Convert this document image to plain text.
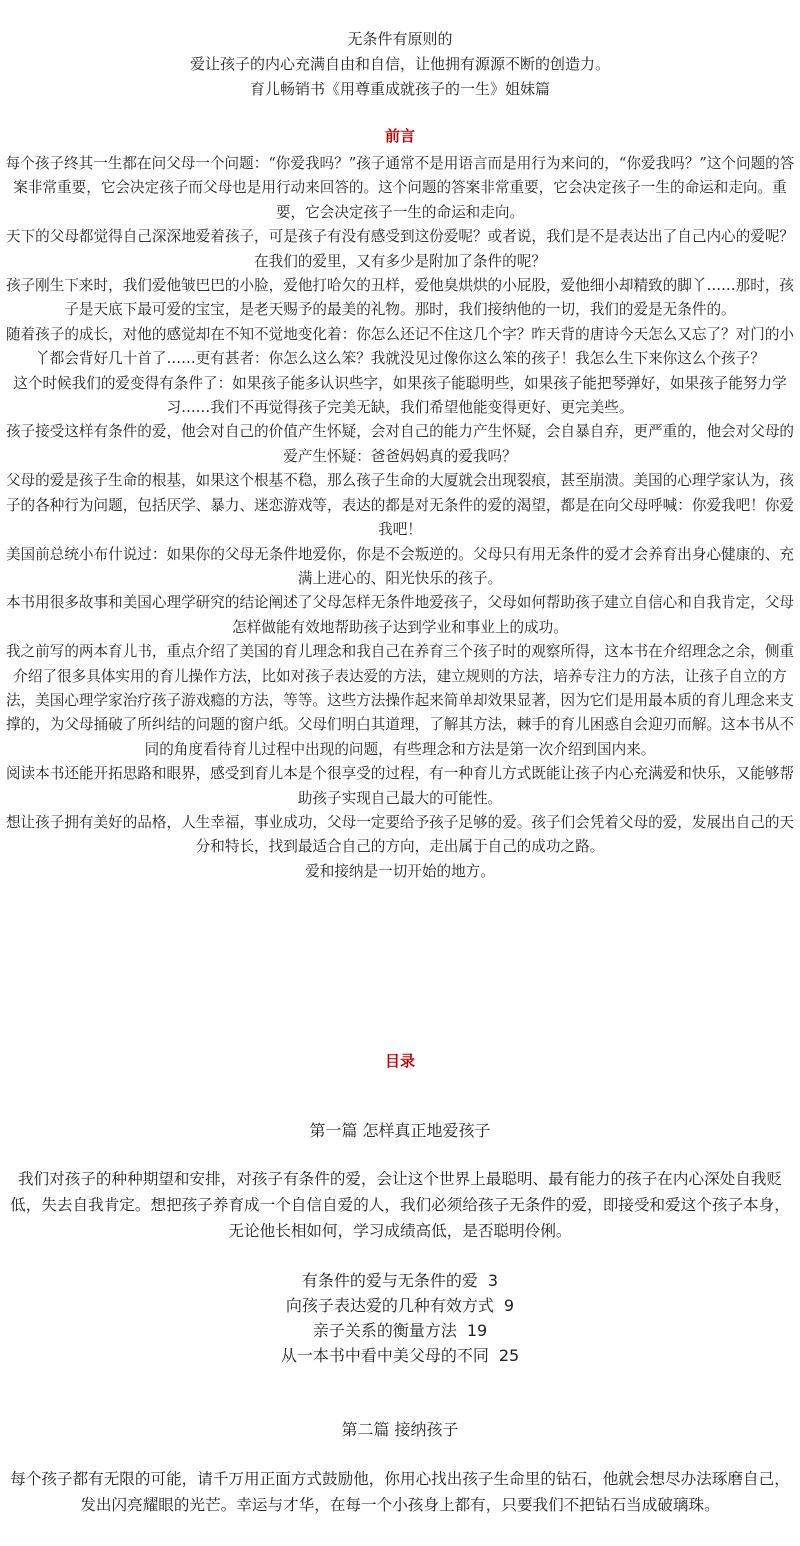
无条件有原则的
爱让孩子的内心充满自由和自信，让他拥有源源不断的创造力。
育儿畅销书《用尊重成就孩子的一生》姐妹篇
前言

每个孩子终其一生都在问父母一个问题：“你爱我吗？”孩子通常不是用语言而是用行为来问的，“你爱我吗？”这个问题的答案非常重要，它会决定孩子而父母也是用行动来回答的。这个问题的答案非常重要，它会决定孩子一生的命运和走向。重要，它会决定孩子一生的命运和走向。

天下的父母都觉得自己深深地爱着孩子，可是孩子有没有感受到这份爱呢？或者说，我们是不是表达出了自己内心的爱呢？

在我们的爱里，又有多少是附加了条件的呢？

孩子刚生下来时，我们爱他皱巴巴的小脸，爱他打哈欠的丑样，爱他臭烘烘的小屁股，爱他细小却精致的脚丫……那时，孩子是天底下最可爱的宝宝，是老天赐予的最美的礼物。那时，我们接纳他的一切，我们的爱是无条件的。

随着孩子的成长，对他的感觉却在不知不觉地变化着：你怎么还记不住这几个字？昨天背的唐诗今天怎么又忘了？对门的小丫都会背好几十首了……更有甚者：你怎么这么笨？我就没见过像你这么笨的孩子！我怎么生下来你这么个孩子？

这个时候我们的爱变得有条件了：如果孩子能多认识些字，如果孩子能聪明些，如果孩子能把琴弹好，如果孩子能努力学习……我们不再觉得孩子完美无缺，我们希望他能变得更好、更完美些。

孩子接受这样有条件的爱，他会对自己的价值产生怀疑，会对自己的能力产生怀疑，会自暴自弃，更严重的，他会对父母的爱产生怀疑：爸爸妈妈真的爱我吗？

父母的爱是孩子生命的根基，如果这个根基不稳，那么孩子生命的大厦就会出现裂痕，甚至崩溃。美国的心理学家认为，孩子的各种行为问题，包括厌学、暴力、迷恋游戏等，表达的都是对无条件的爱的渴望，都是在向父母呼喊：你爱我吧！你爱我吧！

美国前总统小布什说过：如果你的父母无条件地爱你，你是不会叛逆的。父母只有用无条件的爱才会养育出身心健康的、充满上进心的、阳光快乐的孩子。

本书用很多故事和美国心理学研究的结论阐述了父母怎样无条件地爱孩子，父母如何帮助孩子建立自信心和自我肯定，父母怎样做能有效地帮助孩子达到学业和事业上的成功。

我之前写的两本育儿书，重点介绍了美国的育儿理念和我自己在养育三个孩子时的观察所得，这本书在介绍理念之余，侧重介绍了很多具体实用的育儿操作方法，比如对孩子表达爱的方法，建立规则的方法，培养专注力的方法，让孩子自立的方法，美国心理学家治疗孩子游戏瘾的方法，等等。这些方法操作起来简单却效果显著，因为它们是用最本质的育儿理念来支撑的，为父母捅破了所纠结的问题的窗户纸。父母们明白其道理，了解其方法，棘手的育儿困惑自会迎刃而解。这本书从不同的角度看待育儿过程中出现的问题，有些理念和方法是第一次介绍到国内来。

阅读本书还能开拓思路和眼界，感受到育儿本是个很享受的过程，有一种育儿方式既能让孩子内心充满爱和快乐，又能够帮助孩子实现自己最大的可能性。

想让孩子拥有美好的品格，人生幸福，事业成功，父母一定要给予孩子足够的爱。孩子们会凭着父母的爱，发展出自己的天分和特长，找到最适合自己的方向，走出属于自己的成功之路。

爱和接纳是一切开始的地方。

目录
第一篇 怎样真正地爱孩子
我们对孩子的种种期望和安排，对孩子有条件的爱，会让这个世界上最聪明、最有能力的孩子在内心深处自我贬低，失去自我肯定。想把孩子养育成一个自信自爱的人，我们必须给孩子无条件的爱，即接受和爱这个孩子本身，无论他长相如何，学习成绩高低，是否聪明伶俐。
有条件的爱与无条件的爱 3
向孩子表达爱的几种有效方式 9
亲子关系的衡量方法 19
从一本书中看中美父母的不同 25
第二篇 接纳孩子
每个孩子都有无限的可能，请千万用正面方式鼓励他，你用心找出孩子生命里的钻石，他就会想尽办法琢磨自己，发出闪亮耀眼的光芒。幸运与才华，在每一个小孩身上都有，只要我们不把钻石当成破璃珠。
